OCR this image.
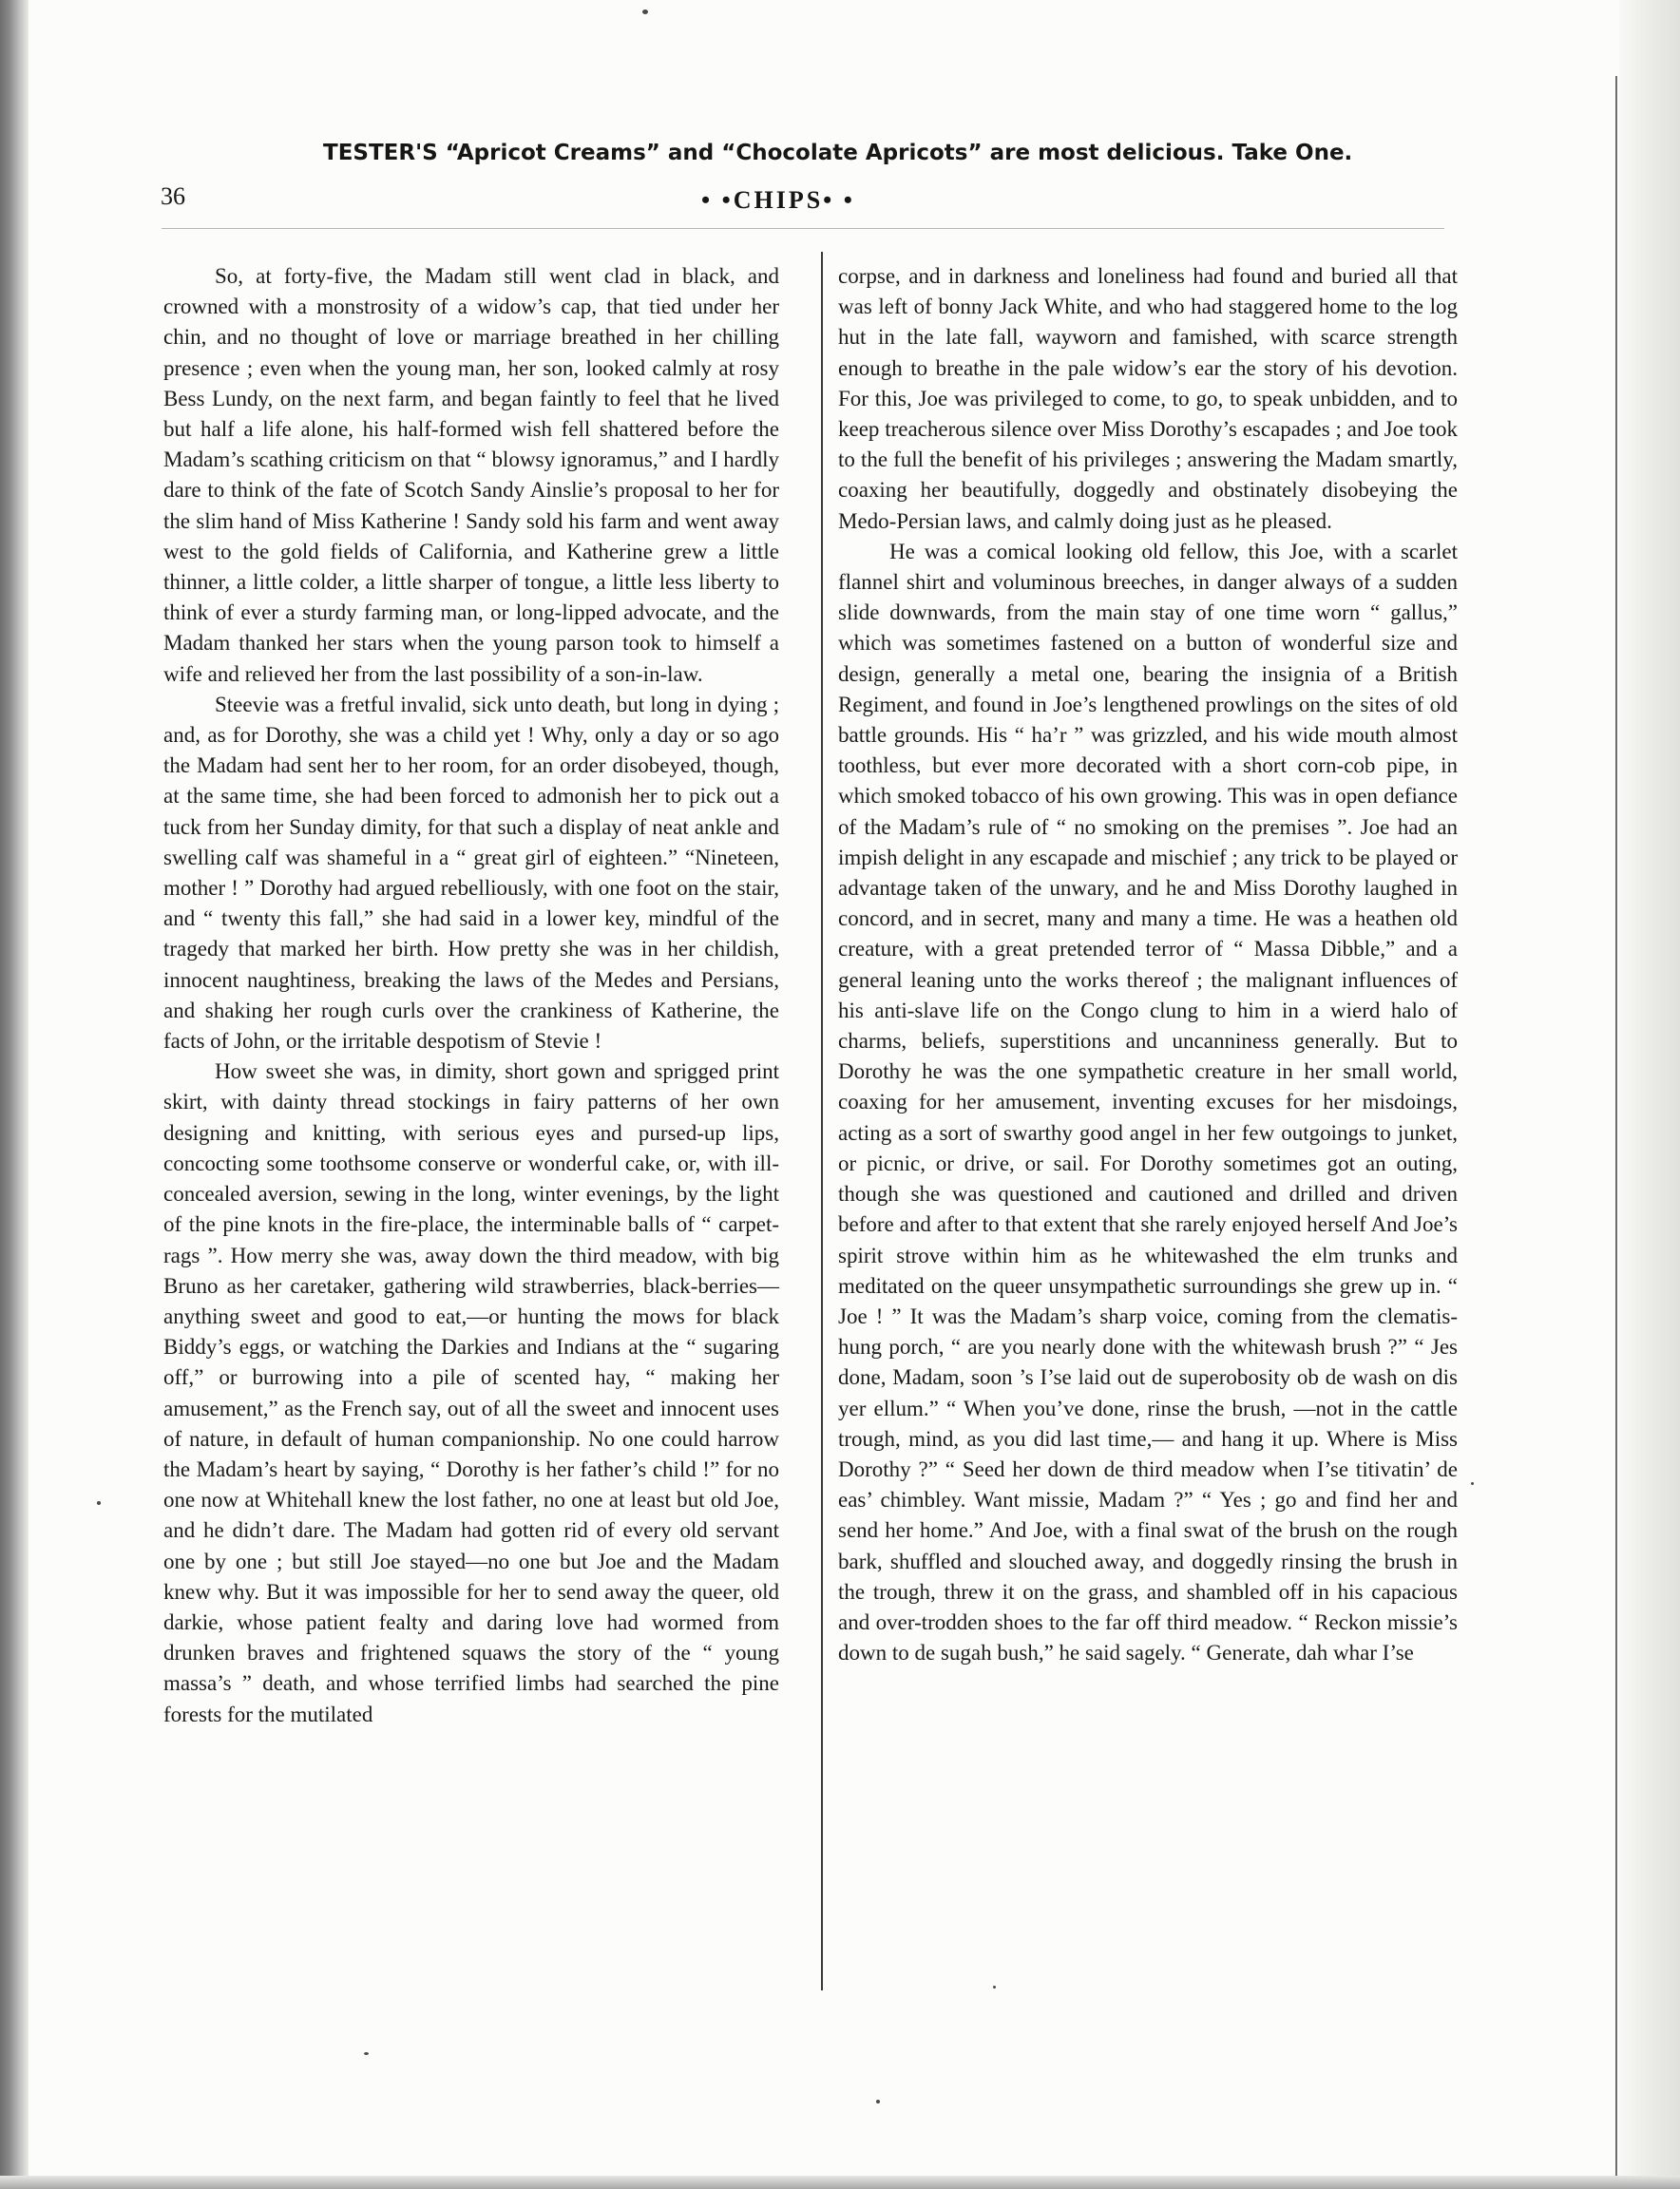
TESTER'S “Apricot Creams” and “Chocolate Apricots” are most delicious. Take One.
36	• •CHIPS• •

So, at forty-five, the Madam still went clad in black, and crowned with a monstrosity of a widow’s cap, that tied under her chin, and no thought of love or marriage breathed in her chilling presence ; even when the young man, her son, looked calmly at rosy Bess Lundy, on the next farm, and began faintly to feel that he lived but half a life alone, his half-formed wish fell shattered before the Madam’s scathing criticism on that “ blowsy ignoramus,” and I hardly dare to think of the fate of Scotch Sandy Ainslie’s proposal to her for the slim hand of Miss Katherine ! Sandy sold his farm and went away west to the gold fields of California, and Katherine grew a little thinner, a little colder, a little sharper of tongue, a little less liberty to think of ever a sturdy farming man, or long-lipped advocate, and the Madam thanked her stars when the young parson took to himself a wife and relieved her from the last possibility of a son-in-law.

Steevie was a fretful invalid, sick unto death, but long in dying ; and, as for Dorothy, she was a child yet ! Why, only a day or so ago the Madam had sent her to her room, for an order disobeyed, though, at the same time, she had been forced to admonish her to pick out a tuck from her Sunday dimity, for that such a display of neat ankle and swelling calf was shameful in a “ great girl of eighteen.” “Nineteen, mother ! ” Dorothy had argued rebelliously, with one foot on the stair, and “ twenty this fall,” she had said in a lower key, mindful of the tragedy that marked her birth. How pretty she was in her childish, innocent naughtiness, breaking the laws of the Medes and Persians, and shaking her rough curls over the crankiness of Katherine, the facts of John, or the irritable despotism of Stevie !

How sweet she was, in dimity, short gown and sprigged print skirt, with dainty thread stockings in fairy patterns of her own designing and knitting, with serious eyes and pursed-up lips, concocting some toothsome conserve or wonderful cake, or, with ill-concealed aversion, sewing in the long, winter evenings, by the light of the pine knots in the fire-place, the interminable balls of “ carpet-rags ”. How merry she was, away down the third meadow, with big Bruno as her caretaker, gathering wild strawberries, black-berries—anything sweet and good to eat,—or hunting the mows for black Biddy’s eggs, or watching the Darkies and Indians at the “ sugaring off,” or burrowing into a pile of scented hay, “ making her amusement,” as the French say, out of all the sweet and innocent uses of nature, in default of human companionship. No one could harrow the Madam’s heart by saying, “ Dorothy is her father’s child !” for no one now at Whitehall knew the lost father, no one at least but old Joe, and he didn’t dare. The Madam had gotten rid of every old servant one by one ; but still Joe stayed—no one but Joe and the Madam knew why. But it was impossible for her to send away the queer, old darkie, whose patient fealty and daring love had wormed from drunken braves and frightened squaws the story of the “ young massa’s ” death, and whose terrified limbs had searched the pine forests for the mutilated

corpse, and in darkness and loneliness had found and buried all that was left of bonny Jack White, and who had staggered home to the log hut in the late fall, wayworn and famished, with scarce strength enough to breathe in the pale widow’s ear the story of his devotion. For this, Joe was privileged to come, to go, to speak unbidden, and to keep treacherous silence over Miss Dorothy’s escapades ; and Joe took to the full the benefit of his privileges ; answering the Madam smartly, coaxing her beautifully, doggedly and obstinately disobeying the Medo-Persian laws, and calmly doing just as he pleased.

He was a comical looking old fellow, this Joe, with a scarlet flannel shirt and voluminous breeches, in danger always of a sudden slide downwards, from the main stay of one time worn “ gallus,” which was sometimes fastened on a button of wonderful size and design, generally a metal one, bearing the insignia of a British Regiment, and found in Joe’s lengthened prowlings on the sites of old battle grounds. His “ ha’r ” was grizzled, and his wide mouth almost toothless, but ever more decorated with a short corn-cob pipe, in which smoked tobacco of his own growing. This was in open defiance of the Madam’s rule of “ no smoking on the premises ”. Joe had an impish delight in any escapade and mischief ; any trick to be played or advantage taken of the unwary, and he and Miss Dorothy laughed in concord, and in secret, many and many a time. He was a heathen old creature, with a great pretended terror of “ Massa Dibble,” and a general leaning unto the works thereof ; the malignant influences of his anti-slave life on the Congo clung to him in a wierd halo of charms, beliefs, superstitions and uncanniness generally. But to Dorothy he was the one sympathetic creature in her small world, coaxing for her amusement, inventing excuses for her misdoings, acting as a sort of swarthy good angel in her few outgoings to junket, or picnic, or drive, or sail. For Dorothy sometimes got an outing, though she was questioned and cautioned and drilled and driven before and after to that extent that she rarely enjoyed herself And Joe’s spirit strove within him as he whitewashed the elm trunks and meditated on the queer unsympathetic surroundings she grew up in. “ Joe ! ” It was the Madam’s sharp voice, coming from the clematis-hung porch, “ are you nearly done with the whitewash brush ?” “ Jes done, Madam, soon ’s I’se laid out de superobosity ob de wash on dis yer ellum.” “ When you’ve done, rinse the brush, —not in the cattle trough, mind, as you did last time,— and hang it up. Where is Miss Dorothy ?” “ Seed her down de third meadow when I’se titivatin’ de eas’ chimbley. Want missie, Madam ?” “ Yes ; go and find her and send her home.” And Joe, with a final swat of the brush on the rough bark, shuffled and slouched away, and doggedly rinsing the brush in the trough, threw it on the grass, and shambled off in his capacious and over-trodden shoes to the far off third meadow. “ Reckon missie’s down to de sugah bush,” he said sagely. “ Generate, dah whar I’se
